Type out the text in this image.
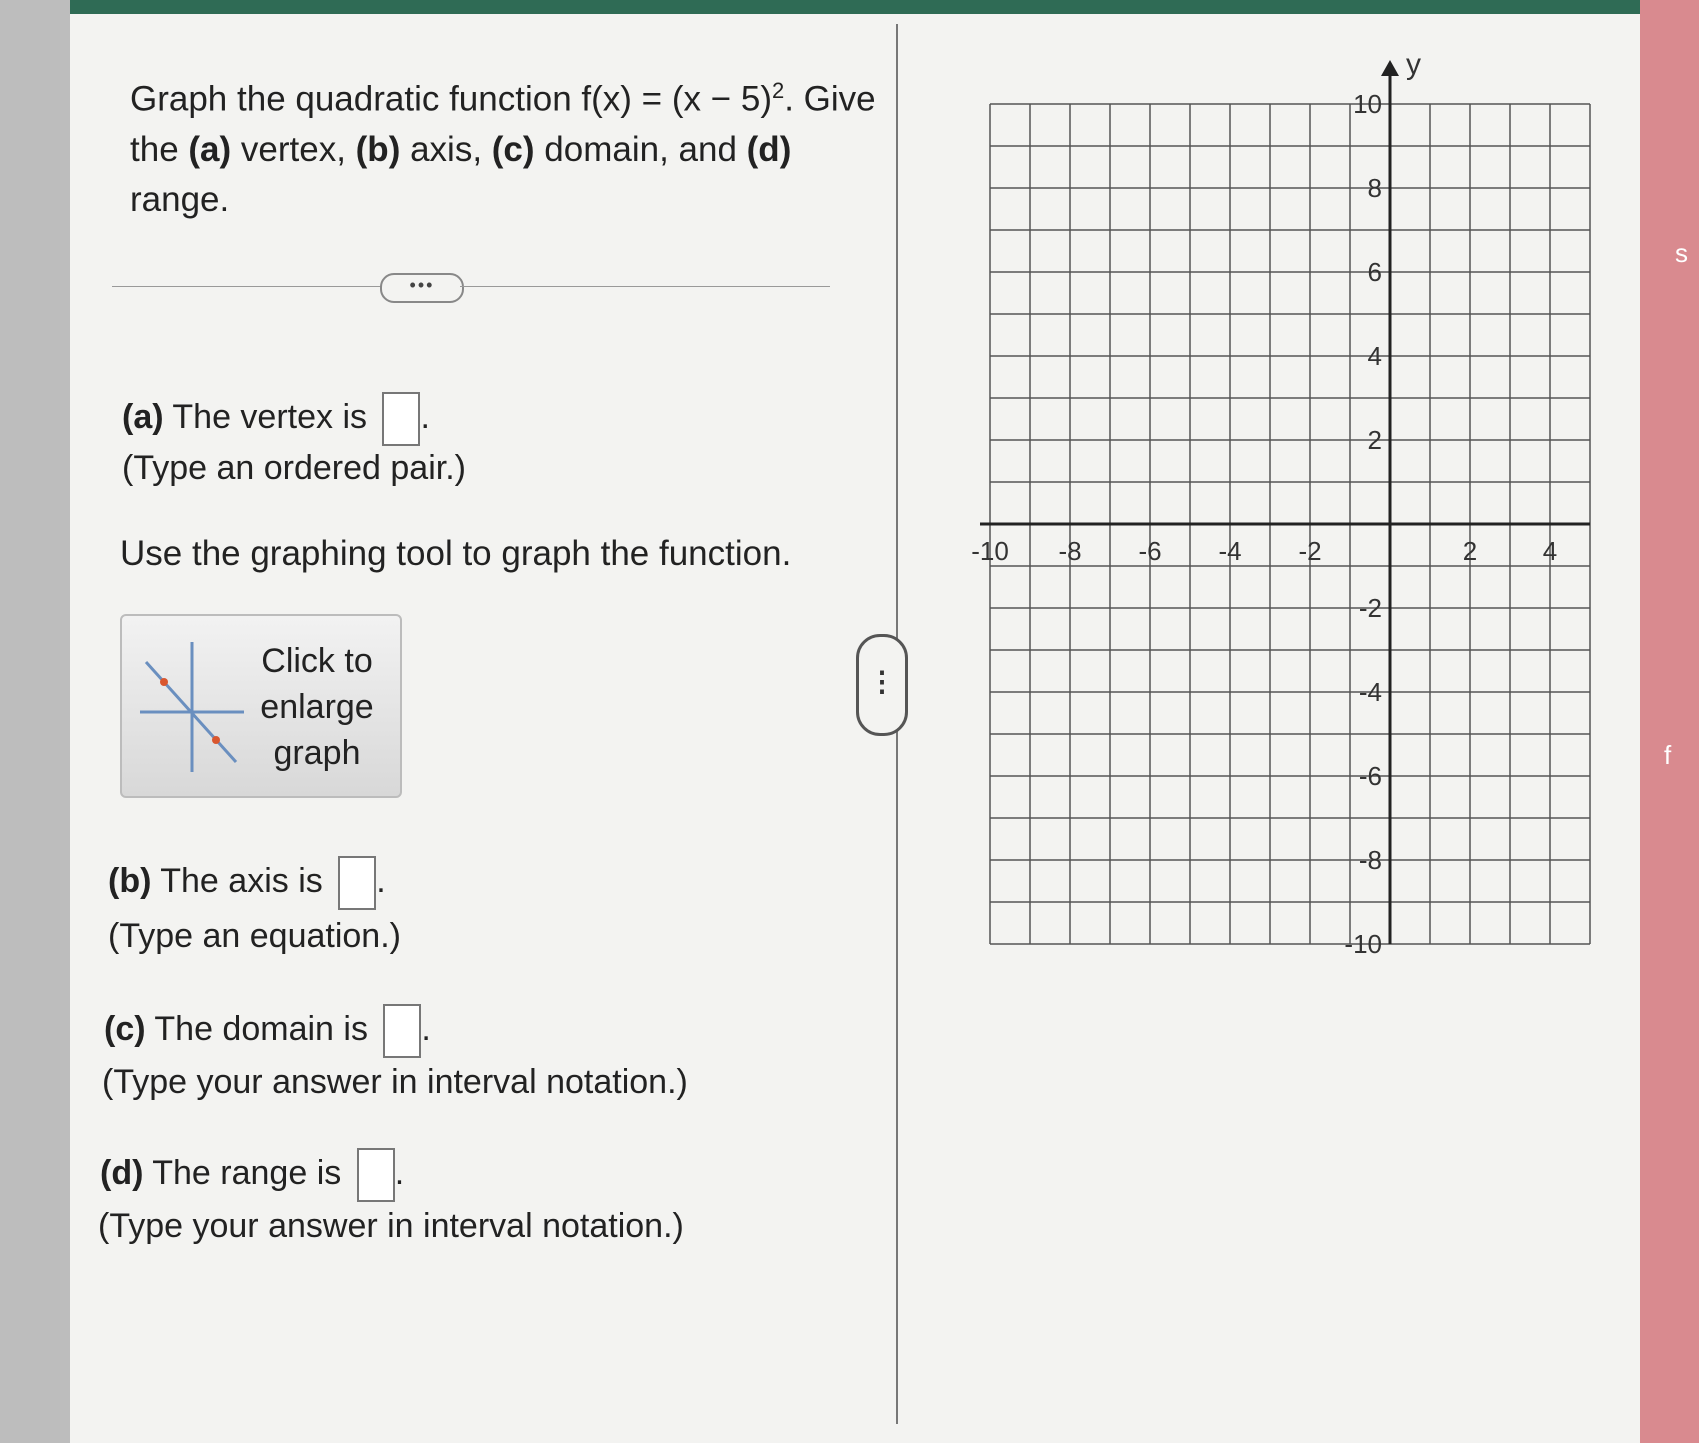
s
f
Graph the quadratic function $f(x) = (x - 5)^2$. Give the (a) vertex, (b) axis, (c) domain, and (d) range.
•••
(a) The vertex is .
(Type an ordered pair.)
Use the graphing tool to graph the function.
Click to
enlarge
graph
(b) The axis is .
(Type an equation.)
(c) The domain is .
(Type your answer in interval notation.)
(d) The range is .
(Type your answer in interval notation.)
⋮
-10 -8 -6 -4 -2	2	4
10
8
6
4
2
-2
-4
-6
-8
-10
y
